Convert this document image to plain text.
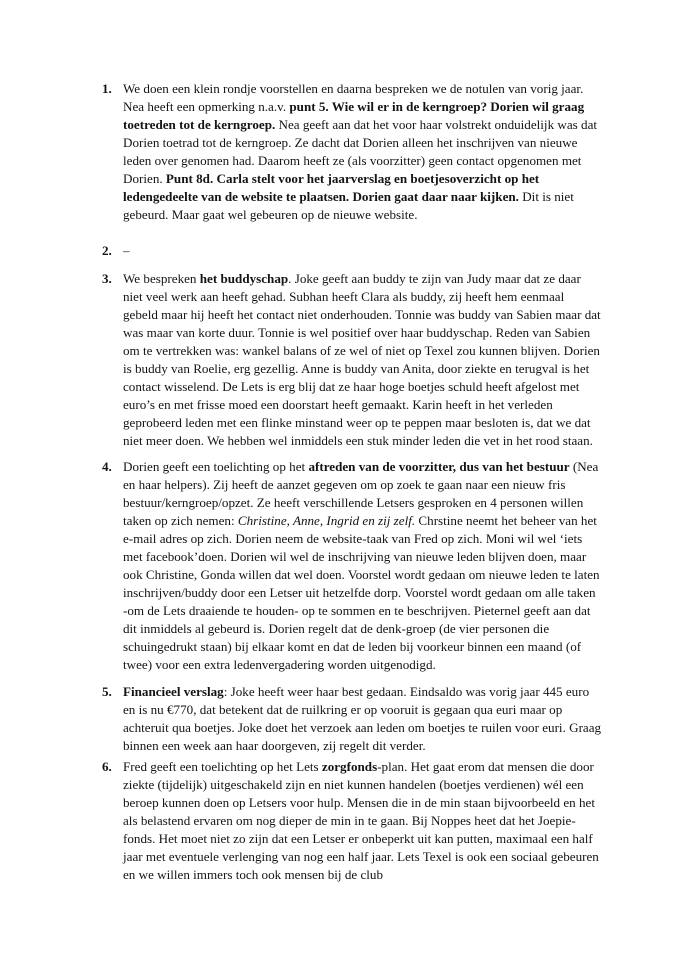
1. We doen een klein rondje voorstellen en daarna bespreken we de notulen van vorig jaar.

Nea heeft een opmerking n.a.v. punt 5. Wie wil er in de kerngroep? Dorien wil graag toetreden tot de kerngroep. Nea geeft aan dat het voor haar volstrekt onduidelijk was dat Dorien toetrad tot de kerngroep. Ze dacht dat Dorien alleen het inschrijven van nieuwe leden over genomen had. Daarom heeft ze (als voorzitter) geen contact opgenomen met Dorien. Punt 8d. Carla stelt voor het jaarverslag en boetjesoverzicht op het ledengedeelte van de website te plaatsen. Dorien gaat daar naar kijken. Dit is niet gebeurd. Maar gaat wel gebeuren op de nieuwe website.

2. –

3. We bespreken het buddyschap. Joke geeft aan buddy te zijn van Judy maar dat ze daar niet veel werk aan heeft gehad. Subhan heeft Clara als buddy, zij heeft hem eenmaal gebeld maar hij heeft het contact niet onderhouden. Tonnie was buddy van Sabien maar dat was maar van korte duur. Tonnie is wel positief over haar buddyschap. Reden van Sabien om te vertrekken was: wankel balans of ze wel of niet op Texel zou kunnen blijven. Dorien is buddy van Roelie, erg gezellig. Anne is buddy van Anita, door ziekte en terugval is het contact wisselend. De Lets is erg blij dat ze haar hoge boetjes schuld heeft afgelost met euro’s en met frisse moed een doorstart heeft gemaakt. Karin heeft in het verleden geprobeerd leden met een flinke minstand weer op te peppen maar besloten is, dat we dat niet meer doen. We hebben wel inmiddels een stuk minder leden die vet in het rood staan.

4. Dorien geeft een toelichting op het aftreden van de voorzitter, dus van het bestuur (Nea en haar helpers). Zij heeft de aanzet gegeven om op zoek te gaan naar een nieuw fris bestuur/kerngroep/opzet. Ze heeft verschillende Letsers gesproken en 4 personen willen taken op zich nemen: Christine, Anne, Ingrid en zij zelf. Chrstine neemt het beheer van het e-mail adres op zich. Dorien neem de website-taak van Fred op zich. Moni wil wel ‘iets met facebook’doen. Dorien wil wel de inschrijving van nieuwe leden blijven doen, maar ook Christine, Gonda willen dat wel doen. Voorstel wordt gedaan om nieuwe leden te laten inschrijven/buddy door een Letser uit hetzelfde dorp. Voorstel wordt gedaan om alle taken -om de Lets draaiende te houden- op te sommen en te beschrijven. Pieternel geeft aan dat dit inmiddels al gebeurd is. Dorien regelt dat de denk-groep (de vier personen die schuingedrukt staan) bij elkaar komt en dat de leden bij voorkeur binnen een maand (of twee) voor een extra ledenvergadering worden uitgenodigd.

5. Financieel verslag: Joke heeft weer haar best gedaan. Eindsaldo was vorig jaar 445 euro en is nu €770, dat betekent dat de ruilkring er op vooruit is gegaan qua euri maar op achteruit qua boetjes. Joke doet het verzoek aan leden om boetjes te ruilen voor euri. Graag binnen een week aan haar doorgeven, zij regelt dit verder.

6. Fred geeft een toelichting op het Lets zorgfonds-plan. Het gaat erom dat mensen die door ziekte (tijdelijk) uitgeschakeld zijn en niet kunnen handelen (boetjes verdienen) wél een beroep kunnen doen op Letsers voor hulp. Mensen die in de min staan bijvoorbeeld en het als belastend ervaren om nog dieper de min in te gaan. Bij Noppes heet dat het Joepie-fonds. Het moet niet zo zijn dat een Letser er onbeperkt uit kan putten, maximaal een half jaar met eventuele verlenging van nog een half jaar. Lets Texel is ook een sociaal gebeuren en we willen immers toch ook mensen bij de club
